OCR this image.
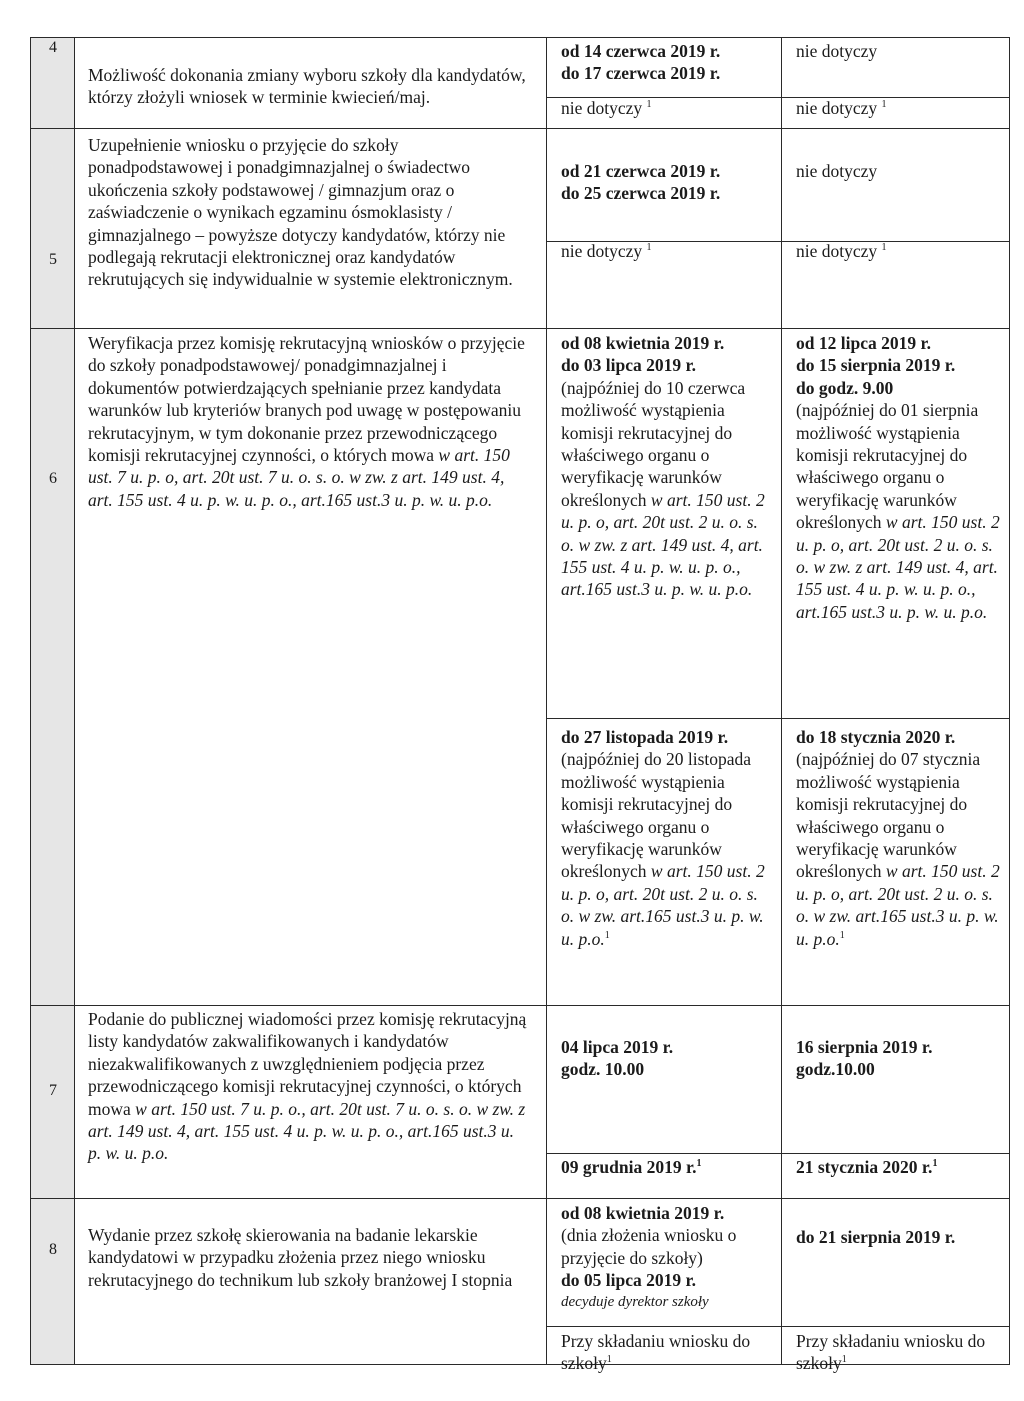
4
Możliwość dokonania zmiany wyboru szkoły dla kandydatów, którzy złożyli wniosek w terminie kwiecień/maj.
od 14 czerwca 2019 r.
do 17 czerwca 2019 r.
nie dotyczy $^1$
nie dotyczy
nie dotyczy $^1$
5
Uzupełnienie wniosku o przyjęcie do szkoły ponadpodstawowej i ponadgimnazjalnej o świadectwo ukończenia szkoły podstawowej / gimnazjum oraz o zaświadczenie o wynikach egzaminu ósmoklasisty / gimnazjalnego – powyższe dotyczy kandydatów, którzy nie podlegają rekrutacji elektronicznej oraz kandydatów rekrutujących się indywidualnie w systemie elektronicznym.
od 21 czerwca 2019 r.
do 25 czerwca 2019 r.
nie dotyczy $^1$
nie dotyczy
nie dotyczy $^1$
6
Weryfikacja przez komisję rekrutacyjną wniosków o przyjęcie do szkoły ponadpodstawowej/ ponadgimnazjalnej i dokumentów potwierdzających spełnianie przez kandydata warunków lub kryteriów branych pod uwagę w postępowaniu rekrutacyjnym, w tym dokonanie przez przewodniczącego komisji rekrutacyjnej czynności, o których mowa w art. 150 ust. 7 u. p. o, art. 20t ust. 7 u. o. s. o. w zw. z art. 149 ust. 4, art. 155 ust. 4 u. p. w. u. p. o., art.165 ust.3 u. p. w. u. p.o.
od 08 kwietnia 2019 r.
do 03 lipca 2019 r.
(najpóźniej do 10 czerwca możliwość wystąpienia komisji rekrutacyjnej do właściwego organu o weryfikację warunków określonych w art. 150 ust. 2 u. p. o, art. 20t ust. 2 u. o. s. o. w zw. z art. 149 ust. 4, art. 155 ust. 4 u. p. w. u. p. o., art.165 ust.3 u. p. w. u. p.o.
od 12 lipca 2019 r.
do 15 sierpnia 2019 r.
do godz. 9.00
(najpóźniej do 01 sierpnia możliwość wystąpienia komisji rekrutacyjnej do właściwego organu o weryfikację warunków określonych w art. 150 ust. 2 u. p. o, art. 20t ust. 2 u. o. s. o. w zw. z art. 149 ust. 4, art. 155 ust. 4 u. p. w. u. p. o., art.165 ust.3 u. p. w. u. p.o.
do 27 listopada 2019 r.
(najpóźniej do 20 listopada możliwość wystąpienia komisji rekrutacyjnej do właściwego organu o weryfikację warunków określonych w art. 150 ust. 2 u. p. o, art. 20t ust. 2 u. o. s. o. w zw. art.165 ust.3 u. p. w. u. p.o.$^1$
do 18 stycznia 2020 r.
(najpóźniej do 07 stycznia możliwość wystąpienia komisji rekrutacyjnej do właściwego organu o weryfikację warunków określonych w art. 150 ust. 2 u. p. o, art. 20t ust. 2 u. o. s. o. w zw. art.165 ust.3 u. p. w. u. p.o.$^1$
7
Podanie do publicznej wiadomości przez komisję rekrutacyjną listy kandydatów zakwalifikowanych i kandydatów niezakwalifikowanych z uwzględnieniem podjęcia przez przewodniczącego komisji rekrutacyjnej czynności, o których mowa w art. 150 ust. 7 u. p. o., art. 20t ust. 7 u. o. s. o. w zw. z art. 149 ust. 4, art. 155 ust. 4 u. p. w. u. p. o., art.165 ust.3 u. p. w. u. p.o.
04 lipca 2019 r.
godz. 10.00
09 grudnia 2019 r.$^1$
16 sierpnia 2019 r.
godz.10.00
21 stycznia 2020 r.$^1$
8
Wydanie przez szkołę skierowania na badanie lekarskie kandydatowi w przypadku złożenia przez niego wniosku rekrutacyjnego do technikum lub szkoły branżowej I stopnia
od 08 kwietnia 2019 r.
(dnia złożenia wniosku o przyjęcie do szkoły)
do 05 lipca 2019 r.
decyduje dyrektor szkoły
Przy składaniu wniosku do szkoły$^1$
do 21 sierpnia 2019 r.
Przy składaniu wniosku do szkoły$^1$
